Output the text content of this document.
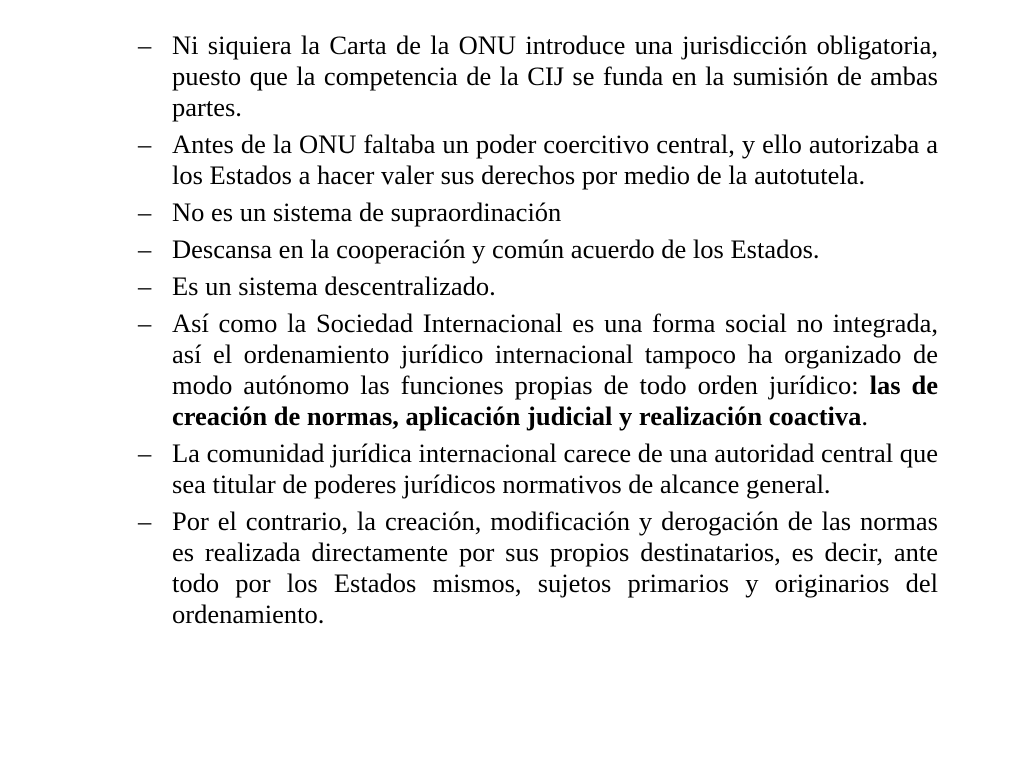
– Ni siquiera la Carta de la ONU introduce una jurisdicción obligatoria, puesto que la competencia de la CIJ se funda en la sumisión de ambas partes.
– Antes de la ONU faltaba un poder coercitivo central, y ello autorizaba a los Estados a hacer valer sus derechos por medio de la autotutela.
– No es un sistema de supraordinación
– Descansa en la cooperación y común acuerdo de los Estados.
– Es un sistema descentralizado.
– Así como la Sociedad Internacional es una forma social no integrada, así el ordenamiento jurídico internacional tampoco ha organizado de modo autónomo las funciones propias de todo orden jurídico: las de creación de normas, aplicación judicial y realización coactiva.
– La comunidad jurídica internacional carece de una autoridad central que sea titular de poderes jurídicos normativos de alcance general.
– Por el contrario, la creación, modificación y derogación de las normas es realizada directamente por sus propios destinatarios, es decir, ante todo por los Estados mismos, sujetos primarios y originarios del ordenamiento.
